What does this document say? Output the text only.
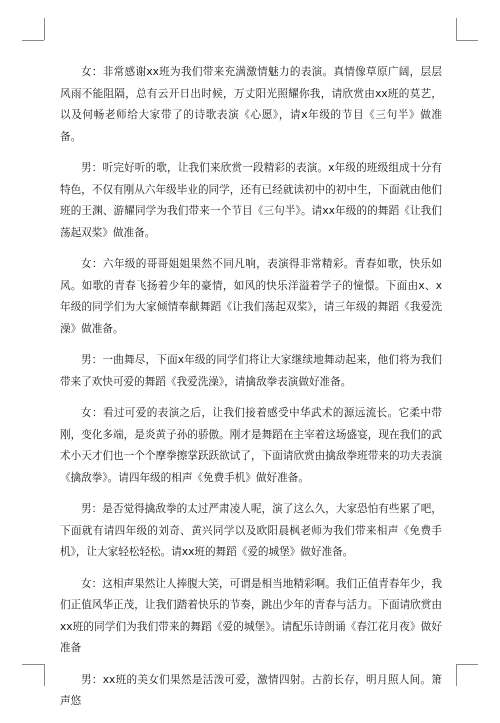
女：非常感谢xx班为我们带来充满激情魅力的表演。真情像草原广阔，层层风雨不能阻隔，总有云开日出时候，万丈阳光照耀你我，请欣赏由xx班的莫艺，以及何畅老师给大家带了的诗歌表演《心愿》，请x年级的节目《三句半》做准备。

男：听完好听的歌，让我们来欣赏一段精彩的表演。x年级的班级组成十分有特色，不仅有刚从六年级毕业的同学，还有已经就读初中的初中生，下面就由他们班的王渊、游耀同学为我们带来一个节目《三句半》。请xx年级的的舞蹈《让我们荡起双桨》做准备。

女：六年级的哥哥姐姐果然不同凡响，表演得非常精彩。青春如歌，快乐如风。如歌的青春飞扬着少年的豪情，如风的快乐洋溢着学子的憧憬。下面由x、x年级的同学们为大家倾情奉献舞蹈《让我们荡起双桨》，请三年级的舞蹈《我爱洗澡》做准备。

男：一曲舞尽，下面x年级的同学们将让大家继续地舞动起来，他们将为我们带来了欢快可爱的舞蹈《我爱洗澡》，请擒敌拳表演做好准备。

女：看过可爱的表演之后，让我们接着感受中华武术的源远流长。它柔中带刚，变化多端，是炎黄子孙的骄傲。刚才是舞蹈在主宰着这场盛宴，现在我们的武术小天才们也一个个摩拳擦掌跃跃欲试了，下面请欣赏由擒敌拳班带来的功夫表演《擒敌拳》。请四年级的相声《免费手机》做好准备。

男：是否觉得擒敌拳的太过严肃凌人呢，演了这么久，大家恐怕有些累了吧，下面就有请四年级的刘奇、黄兴同学以及欧阳晨枫老师为我们带来相声《免费手机》，让大家轻松轻松。请xx班的舞蹈《爱的城堡》做好准备。

女：这相声果然让人捧腹大笑，可谓是相当地精彩啊。我们正值青春年少，我们正值风华正茂，让我们踏着快乐的节奏，跳出少年的青春与活力。下面请欣赏由xx班的同学们为我们带来的舞蹈《爱的城堡》。请配乐诗朗诵《春江花月夜》做好准备

男：xx班的美女们果然是活泼可爱，激情四射。古韵长存，明月照人间。箫声悠
